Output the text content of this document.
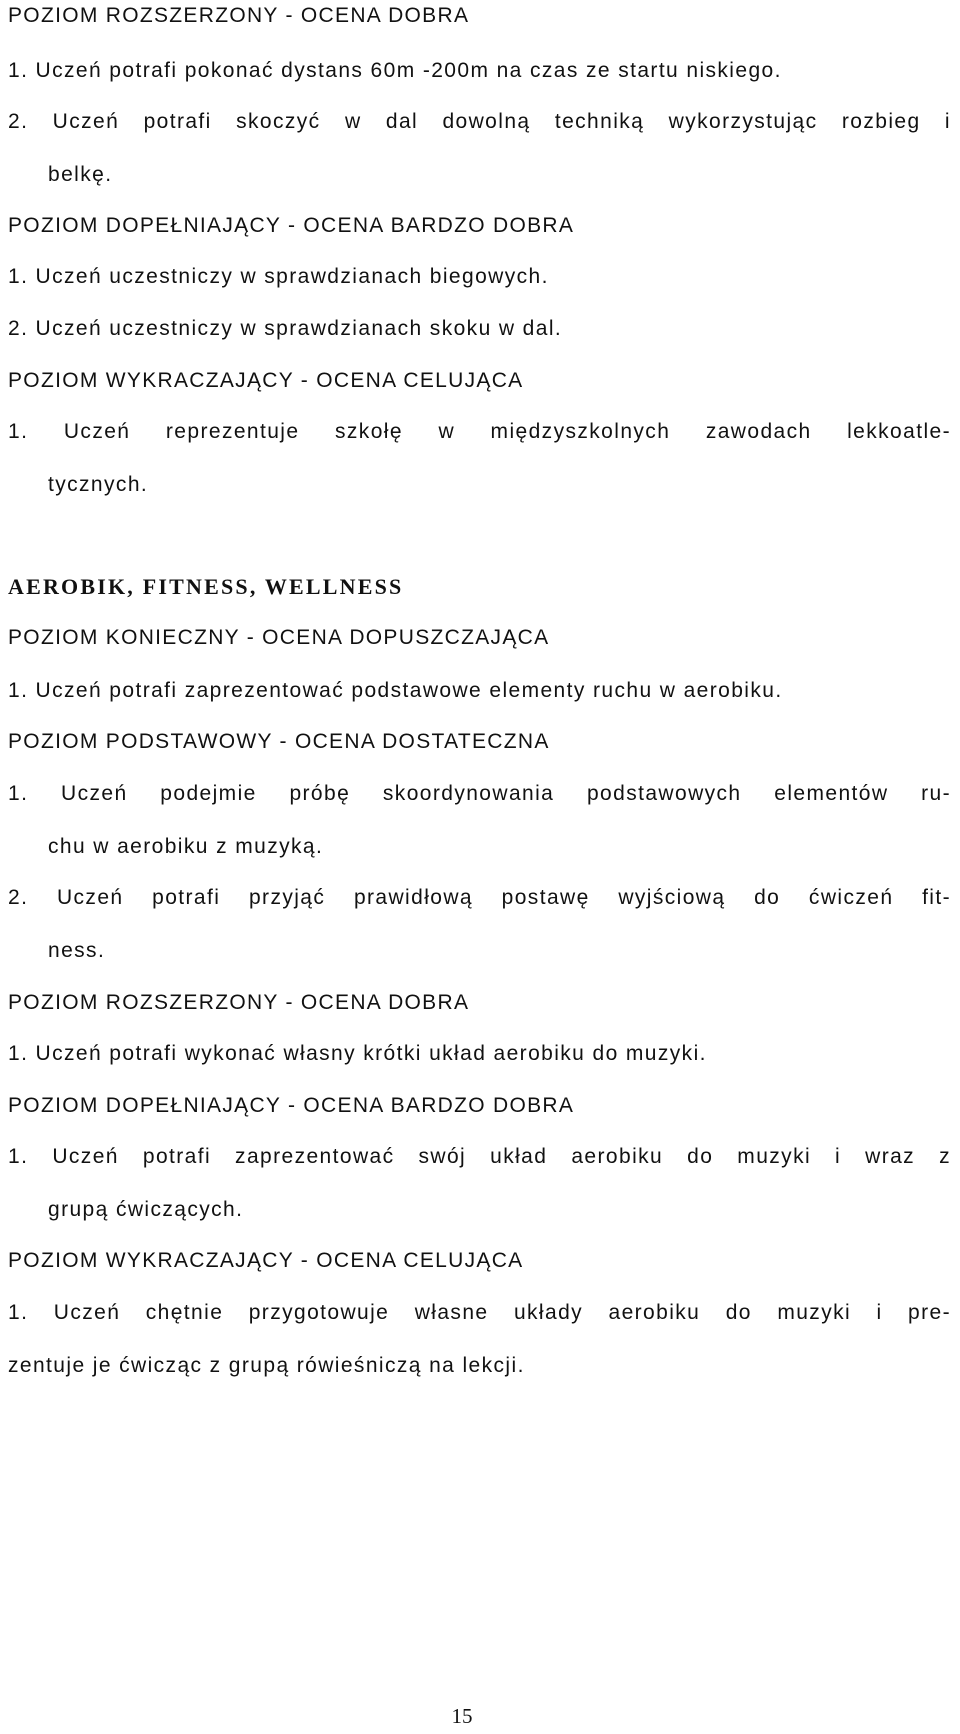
POZIOM ROZSZERZONY - OCENA DOBRA
1. Uczeń potrafi pokonać dystans 60m -200m na czas ze startu niskiego.
2. Uczeń potrafi skoczyć w dal dowolną techniką wykorzystując rozbieg i
belkę.
POZIOM DOPEŁNIAJĄCY - OCENA BARDZO DOBRA
1. Uczeń uczestniczy w sprawdzianach biegowych.
2. Uczeń uczestniczy w sprawdzianach skoku w dal.
POZIOM WYKRACZAJĄCY - OCENA CELUJĄCA
1. Uczeń reprezentuje szkołę w międzyszkolnych zawodach lekkoatle-
tycznych.
AEROBIK, FITNESS, WELLNESS
POZIOM KONIECZNY - OCENA DOPUSZCZAJĄCA
1. Uczeń potrafi zaprezentować podstawowe elementy ruchu w aerobiku.
POZIOM PODSTAWOWY - OCENA DOSTATECZNA
1. Uczeń podejmie próbę skoordynowania podstawowych elementów ru-
chu w aerobiku z muzyką.
2. Uczeń potrafi przyjąć prawidłową postawę wyjściową do ćwiczeń fit-
ness.
POZIOM ROZSZERZONY - OCENA DOBRA
1. Uczeń potrafi wykonać własny krótki układ aerobiku do muzyki.
POZIOM DOPEŁNIAJĄCY - OCENA BARDZO DOBRA
1. Uczeń potrafi zaprezentować swój układ aerobiku do muzyki i wraz z
grupą ćwiczących.
POZIOM WYKRACZAJĄCY - OCENA CELUJĄCA
1. Uczeń chętnie przygotowuje własne układy aerobiku do muzyki i pre-
zentuje je ćwicząc z grupą rówieśniczą na lekcji.
15
